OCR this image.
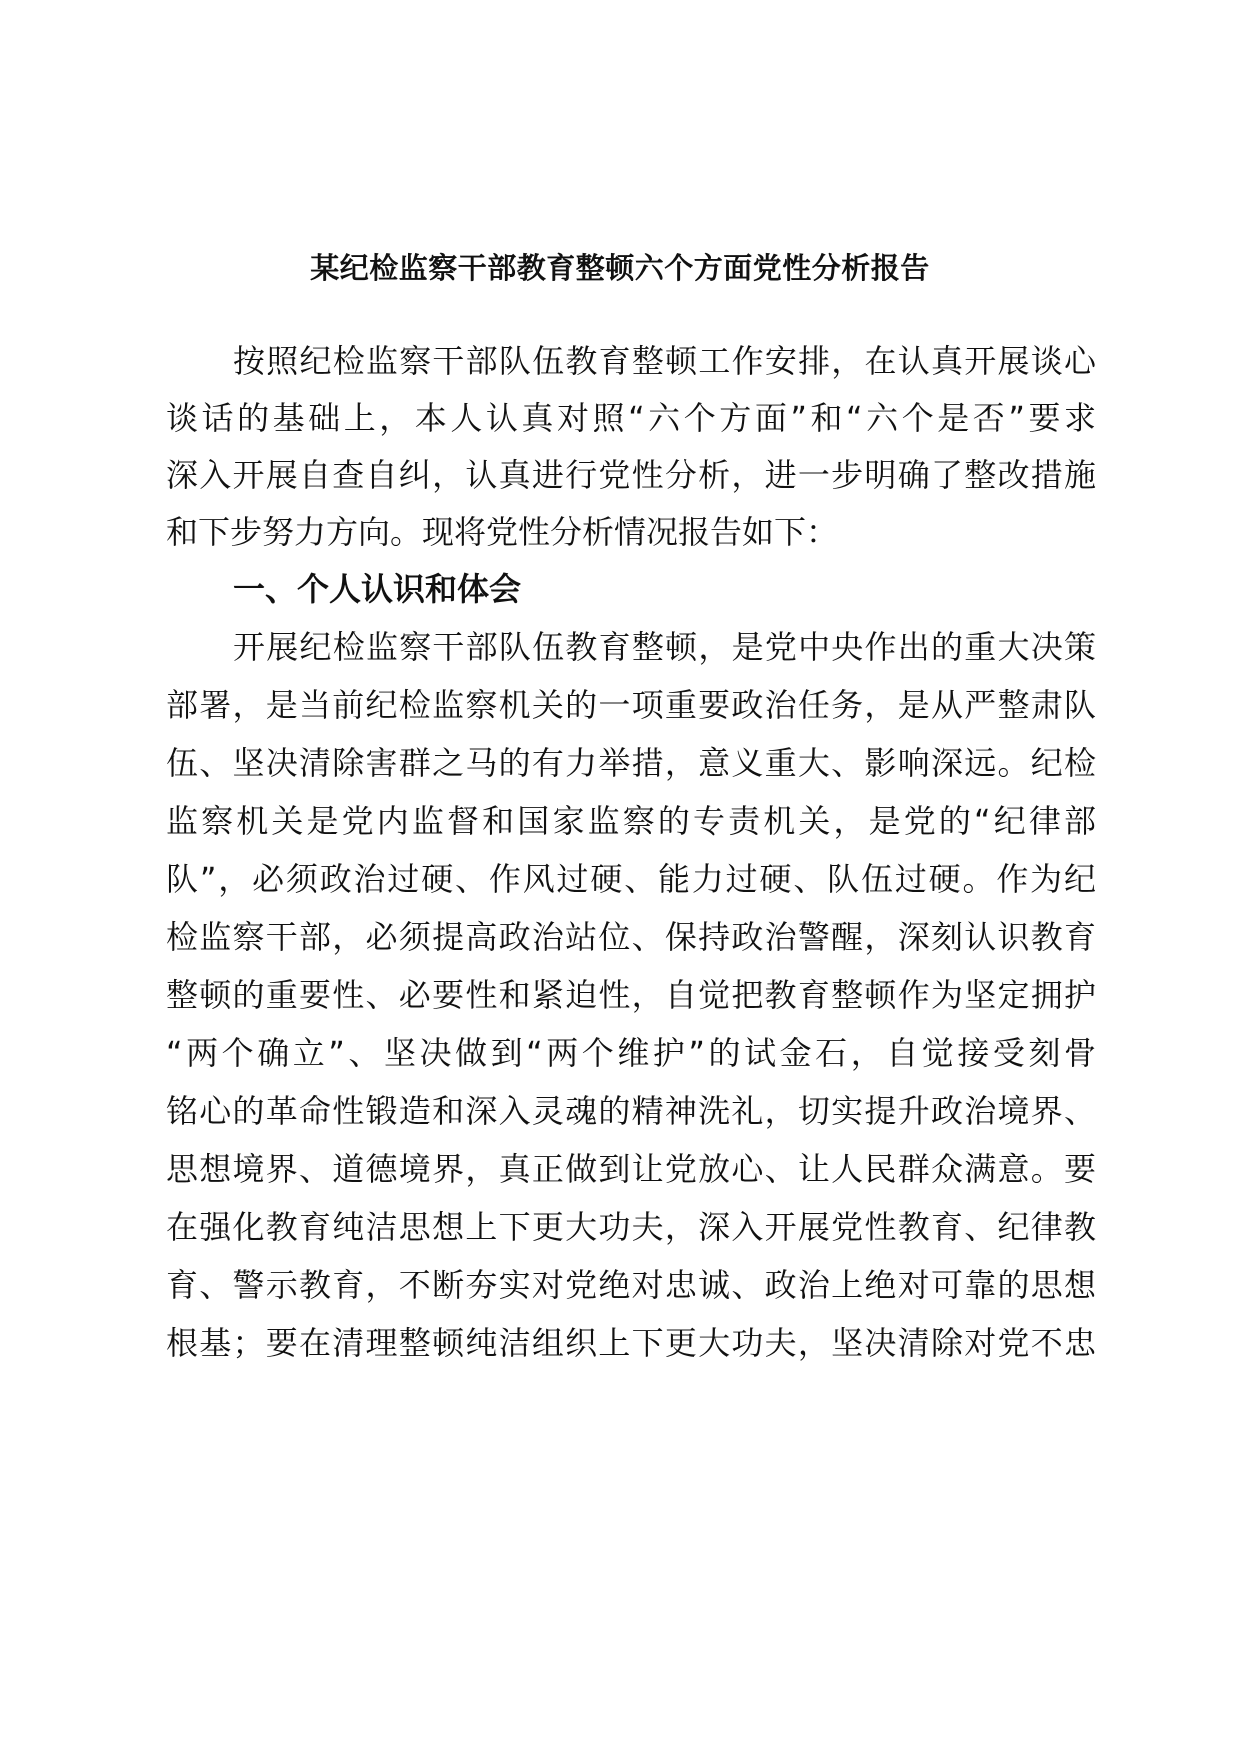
某纪检监察干部教育整顿六个方面党性分析报告
按照纪检监察干部队伍教育整顿工作安排，在认真开展谈心
谈话的基础上，本人认真对照“六个方面”和“六个是否”要求
深入开展自查自纠，认真进行党性分析，进一步明确了整改措施
和下步努力方向。现将党性分析情况报告如下：
一、个人认识和体会
开展纪检监察干部队伍教育整顿，是党中央作出的重大决策
部署，是当前纪检监察机关的一项重要政治任务，是从严整肃队
伍、坚决清除害群之马的有力举措，意义重大、影响深远。纪检
监察机关是党内监督和国家监察的专责机关，是党的“纪律部
队”，必须政治过硬、作风过硬、能力过硬、队伍过硬。作为纪
检监察干部，必须提高政治站位、保持政治警醒，深刻认识教育
整顿的重要性、必要性和紧迫性，自觉把教育整顿作为坚定拥护
“两个确立”、坚决做到“两个维护”的试金石，自觉接受刻骨
铭心的革命性锻造和深入灵魂的精神洗礼，切实提升政治境界、
思想境界、道德境界，真正做到让党放心、让人民群众满意。要
在强化教育纯洁思想上下更大功夫，深入开展党性教育、纪律教
育、警示教育，不断夯实对党绝对忠诚、政治上绝对可靠的思想
根基；要在清理整顿纯洁组织上下更大功夫，坚决清除对党不忠
